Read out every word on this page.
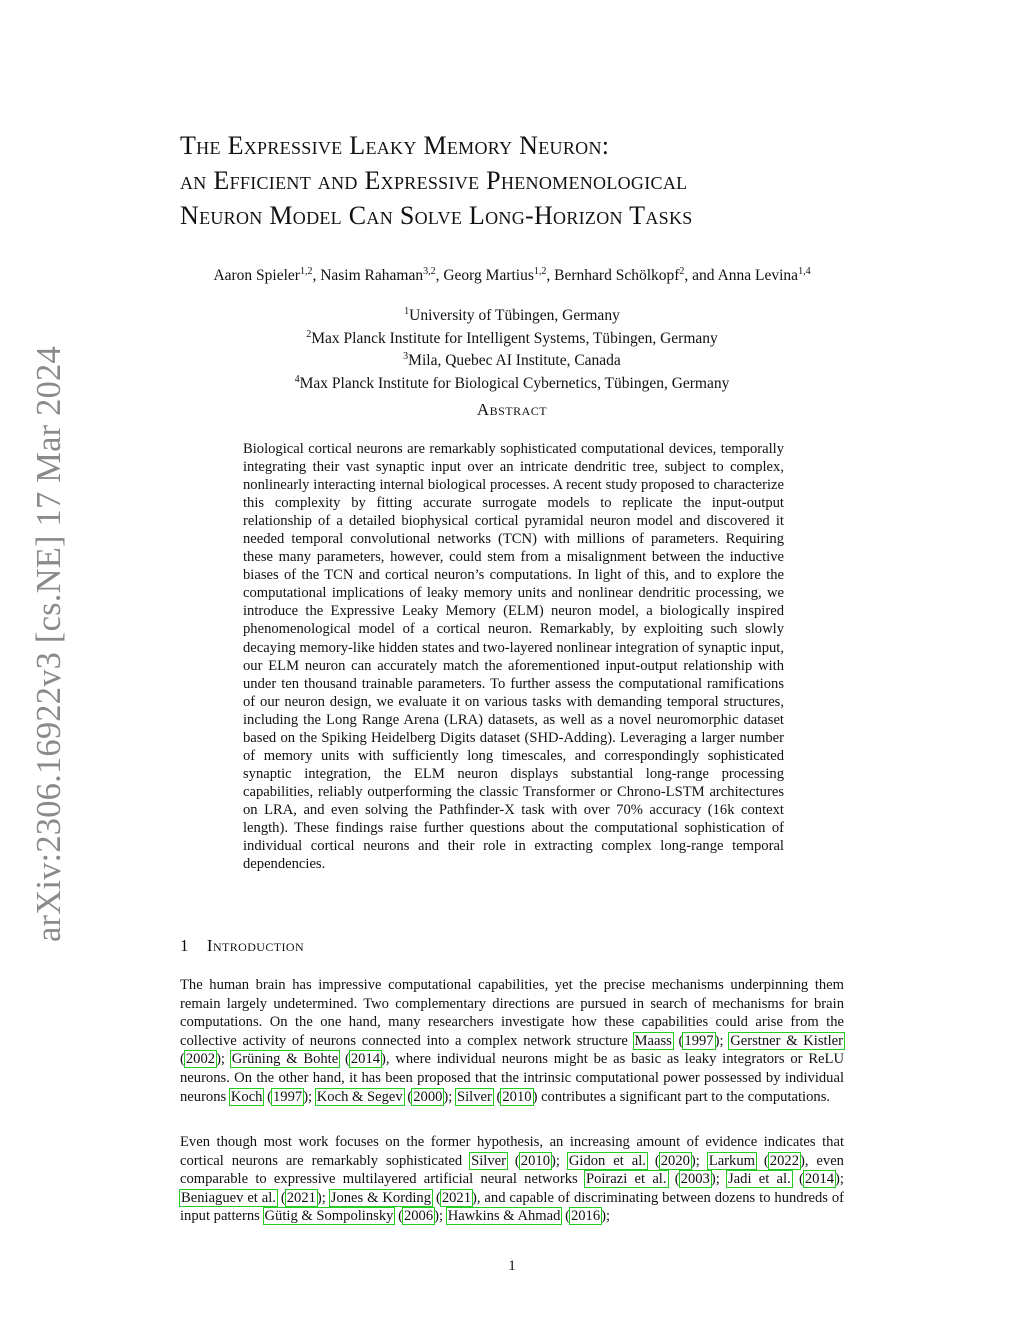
arXiv:2306.16922v3 [cs.NE] 17 Mar 2024
The Expressive Leaky Memory Neuron:
an Efficient and Expressive Phenomenological
Neuron Model Can Solve Long-Horizon Tasks
Aaron Spieler$^{1,2}$, Nasim Rahaman$^{3,2}$, Georg Martius$^{1,2}$, Bernhard Schölkopf$^2$, and Anna Levina$^{1,4}$
$^1$University of Tübingen, Germany
$^2$Max Planck Institute for Intelligent Systems, Tübingen, Germany
$^3$Mila, Quebec AI Institute, Canada
$^4$Max Planck Institute for Biological Cybernetics, Tübingen, Germany
Abstract

Biological cortical neurons are remarkably sophisticated computational devices, temporally integrating their vast synaptic input over an intricate dendritic tree, subject to complex, nonlinearly interacting internal biological processes. A recent study proposed to characterize this complexity by fitting accurate surrogate models to replicate the input-output relationship of a detailed biophysical cortical pyramidal neuron model and discovered it needed temporal convolutional networks (TCN) with millions of parameters. Requiring these many parameters, however, could stem from a misalignment between the inductive biases of the TCN and cortical neuron’s computations. In light of this, and to explore the computational implications of leaky memory units and nonlinear dendritic processing, we introduce the Expressive Leaky Memory (ELM) neuron model, a biologically inspired phenomenological model of a cortical neuron. Remarkably, by exploiting such slowly decaying memory-like hidden states and two-layered nonlinear integration of synaptic input, our ELM neuron can accurately match the aforementioned input-output relationship with under ten thousand trainable parameters. To further assess the computational ramifications of our neuron design, we evaluate it on various tasks with demanding temporal structures, including the Long Range Arena (LRA) datasets, as well as a novel neuromorphic dataset based on the Spiking Heidelberg Digits dataset (SHD-Adding). Leveraging a larger number of memory units with sufficiently long timescales, and correspondingly sophisticated synaptic integration, the ELM neuron displays substantial long-range processing capabilities, reliably outperforming the classic Transformer or Chrono-LSTM architectures on LRA, and even solving the Pathfinder-X task with over 70% accuracy (16k context length). These findings raise further questions about the computational sophistication of individual cortical neurons and their role in extracting complex long-range temporal dependencies.

1 Introduction

The human brain has impressive computational capabilities, yet the precise mechanisms underpinning them remain largely undetermined. Two complementary directions are pursued in search of mechanisms for brain computations. On the one hand, many researchers investigate how these capabilities could arise from the collective activity of neurons connected into a complex network structure Maass (1997); Gerstner & Kistler (2002); Grüning & Bohte (2014), where individual neurons might be as basic as leaky integrators or ReLU neurons. On the other hand, it has been proposed that the intrinsic computational power possessed by individual neurons Koch (1997); Koch & Segev (2000); Silver (2010) contributes a significant part to the computations.

Even though most work focuses on the former hypothesis, an increasing amount of evidence indicates that cortical neurons are remarkably sophisticated Silver (2010); Gidon et al. (2020); Larkum (2022), even comparable to expressive multilayered artificial neural networks Poirazi et al. (2003); Jadi et al. (2014); Beniaguev et al. (2021); Jones & Kording (2021), and capable of discriminating between dozens to hundreds of input patterns Gütig & Sompolinsky (2006); Hawkins & Ahmad (2016);

1
